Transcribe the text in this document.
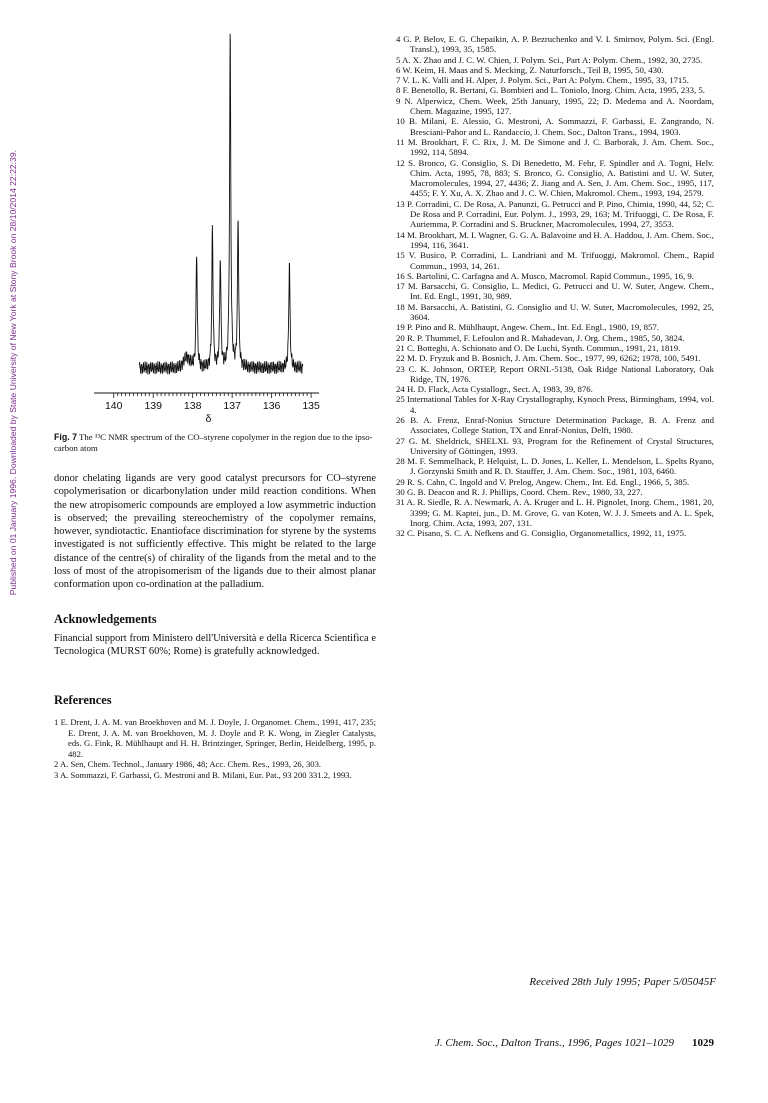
Published on 01 January 1996. Downloaded by State University of New York at Stony Brook on 28/10/2014 22:22:39.	140 139 138 137 136 135
δ
Fig. 7 The ¹³C NMR spectrum of the CO–styrene copolymer in the region due to the ipso-carbon atom
donor chelating ligands are very good catalyst precursors for CO–styrene copolymerisation or dicarbonylation under mild reaction conditions. When the new atropisomeric compounds are employed a low asymmetric induction is observed; the prevailing stereochemistry of the copolymer remains, however, syndiotactic. Enantioface discrimination for styrene by the systems investigated is not sufficiently effective. This might be related to the large distance of the centre(s) of chirality of the ligands from the metal and to the loss of most of the atropisomerism of the ligands due to their almost planar conformation upon co-ordination at the palladium.
Acknowledgements
Financial support from Ministero dell'Università e della Ricerca Scientifica e Tecnologica (MURST 60%; Rome) is gratefully acknowledged.
References
1 E. Drent, J. A. M. van Broekhoven and M. J. Doyle, J. Organomet. Chem., 1991, 417, 235; E. Drent, J. A. M. van Broekhoven, M. J. Doyle and P. K. Wong, in Ziegler Catalysts, eds. G. Fink, R. Mühlhaupt and H. H. Brintzinger, Springer, Berlin, Heidelberg, 1995, p. 482.
2 A. Sen, Chem. Technol., January 1986, 48; Acc. Chem. Res., 1993, 26, 303.
3 A. Sommazzi, F. Garbassi, G. Mestroni and B. Milani, Eur. Pat., 93 200 331.2, 1993.
4 G. P. Belov, E. G. Chepaikin, A. P. Bezruchenko and V. I. Smirnov, Polym. Sci. (Engl. Transl.), 1993, 35, 1585.
5 A. X. Zhao and J. C. W. Chien, J. Polym. Sci., Part A: Polym. Chem., 1992, 30, 2735.
6 W. Keim, H. Maas and S. Mecking, Z. Naturforsch., Teil B, 1995, 50, 430.
7 V. L. K. Valli and H. Alper, J. Polym. Sci., Part A: Polym. Chem., 1995, 33, 1715.
8 F. Benetollo, R. Bertani, G. Bombieri and L. Toniolo, Inorg. Chim. Acta, 1995, 233, 5.
9 N. Alperwicz, Chem. Week, 25th January, 1995, 22; D. Medema and A. Noordam, Chem. Magazine, 1995, 127.
10 B. Milani, E. Alessio, G. Mestroni, A. Sommazzi, F. Garbassi, E. Zangrando, N. Bresciani-Pahor and L. Randaccio, J. Chem. Soc., Dalton Trans., 1994, 1903.
11 M. Brookhart, F. C. Rix, J. M. De Simone and J. C. Barborak, J. Am. Chem. Soc., 1992, 114, 5894.
12 S. Bronco, G. Consiglio, S. Di Benedetto, M. Fehr, F. Spindler and A. Togni, Helv. Chim. Acta, 1995, 78, 883; S. Bronco, G. Consiglio, A. Batistini and U. W. Suter, Macromolecules, 1994, 27, 4436; Z. Jiang and A. Sen, J. Am. Chem. Soc., 1995, 117, 4455; F. Y. Xu, A. X. Zhao and J. C. W. Chien, Makromol. Chem., 1993, 194, 2579.
13 P. Corradini, C. De Rosa, A. Panunzi, G. Petrucci and P. Pino, Chimia, 1990, 44, 52; C. De Rosa and P. Corradini, Eur. Polym. J., 1993, 29, 163; M. Trifuoggi, C. De Rosa, F. Auriemma, P. Corradini and S. Bruckner, Macromolecules, 1994, 27, 3553.
14 M. Brookhart, M. I. Wagner, G. G. A. Balavoine and H. A. Haddou, J. Am. Chem. Soc., 1994, 116, 3641.
15 V. Busico, P. Corradini, L. Landriani and M. Trifuoggi, Makromol. Chem., Rapid Commun., 1993, 14, 261.
16 S. Bartolini, C. Carfagna and A. Musco, Macromol. Rapid Commun., 1995, 16, 9.
17 M. Barsacchi, G. Consiglio, L. Medici, G. Petrucci and U. W. Suter, Angew. Chem., Int. Ed. Engl., 1991, 30, 989.
18 M. Barsacchi, A. Batistini, G. Consiglio and U. W. Suter, Macromolecules, 1992, 25, 3604.
19 P. Pino and R. Mühlhaupt, Angew. Chem., Int. Ed. Engl., 1980, 19, 857.
20 R. P. Thummel, F. Lefoulon and R. Mahadevan, J. Org. Chem., 1985, 50, 3824.
21 C. Botteghi, A. Schionato and O. De Luchi, Synth. Commun., 1991, 21, 1819.
22 M. D. Fryzuk and B. Bosnich, J. Am. Chem. Soc., 1977, 99, 6262; 1978, 100, 5491.
23 C. K. Johnson, ORTEP, Report ORNL-5138, Oak Ridge National Laboratory, Oak Ridge, TN, 1976.
24 H. D. Flack, Acta Cystallogr., Sect. A, 1983, 39, 876.
25 International Tables for X-Ray Crystallography, Kynoch Press, Birmingham, 1994, vol. 4.
26 B. A. Frenz, Enraf-Nonius Structure Determination Package, B. A. Frenz and Associates, College Station, TX and Enraf-Nonius, Delft, 1980.
27 G. M. Sheldrick, SHELXL 93, Program for the Refinement of Crystal Structures, University of Göttingen, 1993.
28 M. F. Semmelhack, P. Helquist, L. D. Jones, L. Keller, L. Mendelson, L. Spelts Ryano, J. Gorzynski Smith and R. D. Stauffer, J. Am. Chem. Soc., 1981, 103, 6460.
29 R. S. Cahn, C. Ingold and V. Prelog, Angew. Chem., Int. Ed. Engl., 1966, 5, 385.
30 G. B. Deacon and R. J. Phillips, Coord. Chem. Rev., 1980, 33, 227.
31 A. R. Siedle, R. A. Newmark, A. A. Kruger and L. H. Pignolet, Inorg. Chem., 1981, 20, 3399; G. M. Kaptei, jun., D. M. Grove, G. van Koten, W. J. J. Smeets and A. L. Spek, Inorg. Chim. Acta, 1993, 207, 131.
32 C. Pisano, S. C. A. Nefkens and G. Consiglio, Organometallics, 1992, 11, 1975.
Received 28th July 1995; Paper 5/05045F
J. Chem. Soc., Dalton Trans., 1996, Pages 1021–1029 1029
